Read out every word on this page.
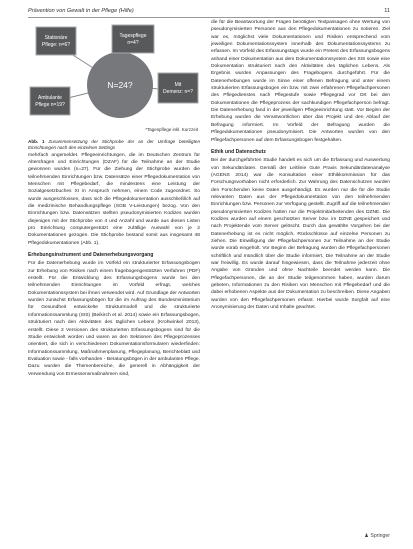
Prävention von Gewalt in der Pflege (Hilfe)	11
N=24?
Stationäre
Pflege: n=6?
Tagespflege
n=4?
Ambulante
Pflege n=19?
Mit
Demenz: n=?
*Tagespflege inkl. Kurzzeit

Abb. 1 Zusammensetzung der Stichprobe der an der Umfrage beteiligten Einrichtungen nach den einzelnen Settings

mehrfach angemeldet. Pflegeeinrichtungen, die im Deutschen Zentrum für Altersfragen und Einrichtungen (DZAF) für die Teilnahme an der Studie gewonnen wurden (n=27). Für die Ziehung der Stichprobe wurden die teilnehmenden Einrichtungen bzw. Datensätze einer Pflegedokumentation von Menschen mit Pflegebedarf, die mindestens eine Leistung der Sozialgesetzbuches XI in Anspruch nehmen, einem Code zugeordnet. So wurde ausgeschlossen, dass sich die Pflegedokumentation ausschließlich auf die medizinische Behandlungspflege (SGB V-Leistungen) bezog. Von den Einrichtungen bzw. Datensätzen stellten pseudonymisierten Kodizes wurden diejenigen mit der Stichprobe von 4 und Anzahl und wurde aus diesen Listen pro Einrichtung computergestützt eine zufällige Auswahl von je 2 Dokumentationen gezogen. Die Stichprobe bestand somit aus insgesamt 48 Pflegedokumentationen (Abb. 1).

Erhebungsinstrument und Datenerhebungsvorgang

Für die Datenerhebung wurde im Vorfeld ein strukturierter Erfassungsbogen zur Erhebung von Risiken nach einem fragebogengestützten Verfahren (PDF) erstellt. Für die Entwicklung des Erfassungsbogens wurde bei den teilnehmenden Einrichtungen im Vorfeld erfragt, welches Dokumentationssystem bei ihnen verwendet wird. Auf Grundlage der Antworten wurden zunächst Erfassungsbögen für die im Auftrag des Bundesministerium für Gesundheit entwickelte Strukturmodell und die strukturierte Informationssammlung (SIS) (Beikirch et al. 2014) sowie ein Erfassungsbogen, strukturiert nach den Aktivitäten des täglichen Lebens (Krohwinkel 2013), erstellt. Diese 2 Versionen des strukturierten Erfassungsbogens sind für die Studie entwickelt worden und waren an den Sektionen des Pflegeprozesses orientiert, die sich in verschiedenen Dokumentationsformularen wiederfinden: Informationssammlung, Maßnahmenplanung, Pflegeplanung, Berichteblatt und Evaluation sowie - falls vorhanden - Beratungsbögen in der ambulanten Pflege. Dazu wurden die Themenbereiche, die generell in Abhängigkeit der Verwendung von Ermessensmaßnahmen sind,

die für die Beantwortung der Fragen benötigten Textpassagen ohne Wertung von pseudonymisierten Personen aus den Pflegedokumentationen zu notieren. Ziel war es, möglichst viele Dokumentationen und Risiken entsprechend vom jeweiligen Dokumentationssystem innerhalb des Dokumentationssystems zu erfassen. Im Vorfeld des Erfassungstags wurde ein Pretest des Erfassungsbogens anhand einer Dokumentation aus dem Dokumentationssystem des SIS sowie eine Dokumentation strukturiert nach den Aktivitäten des täglichen Lebens. Als Ergebnis wurden Anpassungen des Fragebogens durchgeführt. Für die Datenerhebungen wurde im Sinne einer offenen Befragung und unter einem strukturierten Erfassungsbogen ein bzw. mit zwei erfahrenen Pflegefachpersonen des Pflegedienstes nach Pflegestufe sowie Pflegegrad vor Ort bei den Dokumentationen die Pflegeprozess der sachkundigen Pflegefachperson befragt. Die Datenerhebung fand in der jeweiligen Pflegeeinrichtung statt. Vor Beginn der Erhebung wurden die Verantwortlichen über das Projekt und den Ablauf der Befragung informiert. Im Vorfeld der Befragung wurden die Pflegedokumentationen pseudonymisiert. Die Antworten wurden von den Pflegefachpersonen auf dem Erfassungsbogen festgehalten.

Ethik und Datenschutz

Bei der durchgeführten Studie handelt es sich um die Erfassung und Auswertung von Sekundärdaten. Gemäß der Leitlinie Gute Praxis Sekundärdatenanalyse (AGENS 2014) war die Konsultation einer Ethikkommission für das Forschungsvorhaben nicht erforderlich. Zur Wahrung des Datenschutzes wurden den Forschenden keine Daten ausgehändigt. Es wurden nur die für die Studie relevanten Daten aus der Pflegedokumentation von den teilnehmenden Einrichtungen bzw. Personen zur Verfügung gestellt. Zugriff auf die teilnehmenden pseudonymisierten Kodizes hatten nur die Projektmitarbeitenden des DZNE. Die Kodizes wurden auf einem geschützten Server bzw. im DZNE gespeichert und nach Projektende vom Server gelöscht. Durch das gewählte Vorgehen bei der Datenerhebung ist es nicht möglich, Rückschlüsse auf einzelne Personen zu ziehen. Die Einwilligung der Pflegefachpersonen zur Teilnahme an der Studie wurde vorab eingeholt. Vor Beginn der Befragung wurden die Pflegefachpersonen schriftlich und mündlich über die Studie informiert. Die Teilnahme an der Studie war freiwillig. Es wurde darauf hingewiesen, dass die Teilnahme jederzeit ohne Angabe von Gründen und ohne Nachteile beendet werden kann. Die Pflegefachpersonen, die an der Studie teilgenommen haben, wurden darum gebeten, Informationen zu den Risiken von Menschen mit Pflegebedarf und die dabei erhobenen Aspekte aus der Dokumentation zu beschreiben. Diese Angaben wurden von den Pflegefachpersonen erfasst. Hierbei wurde Sorgfalt auf eine Anonymisierung der Daten und Inhalte geachtet.

♟ Springer
